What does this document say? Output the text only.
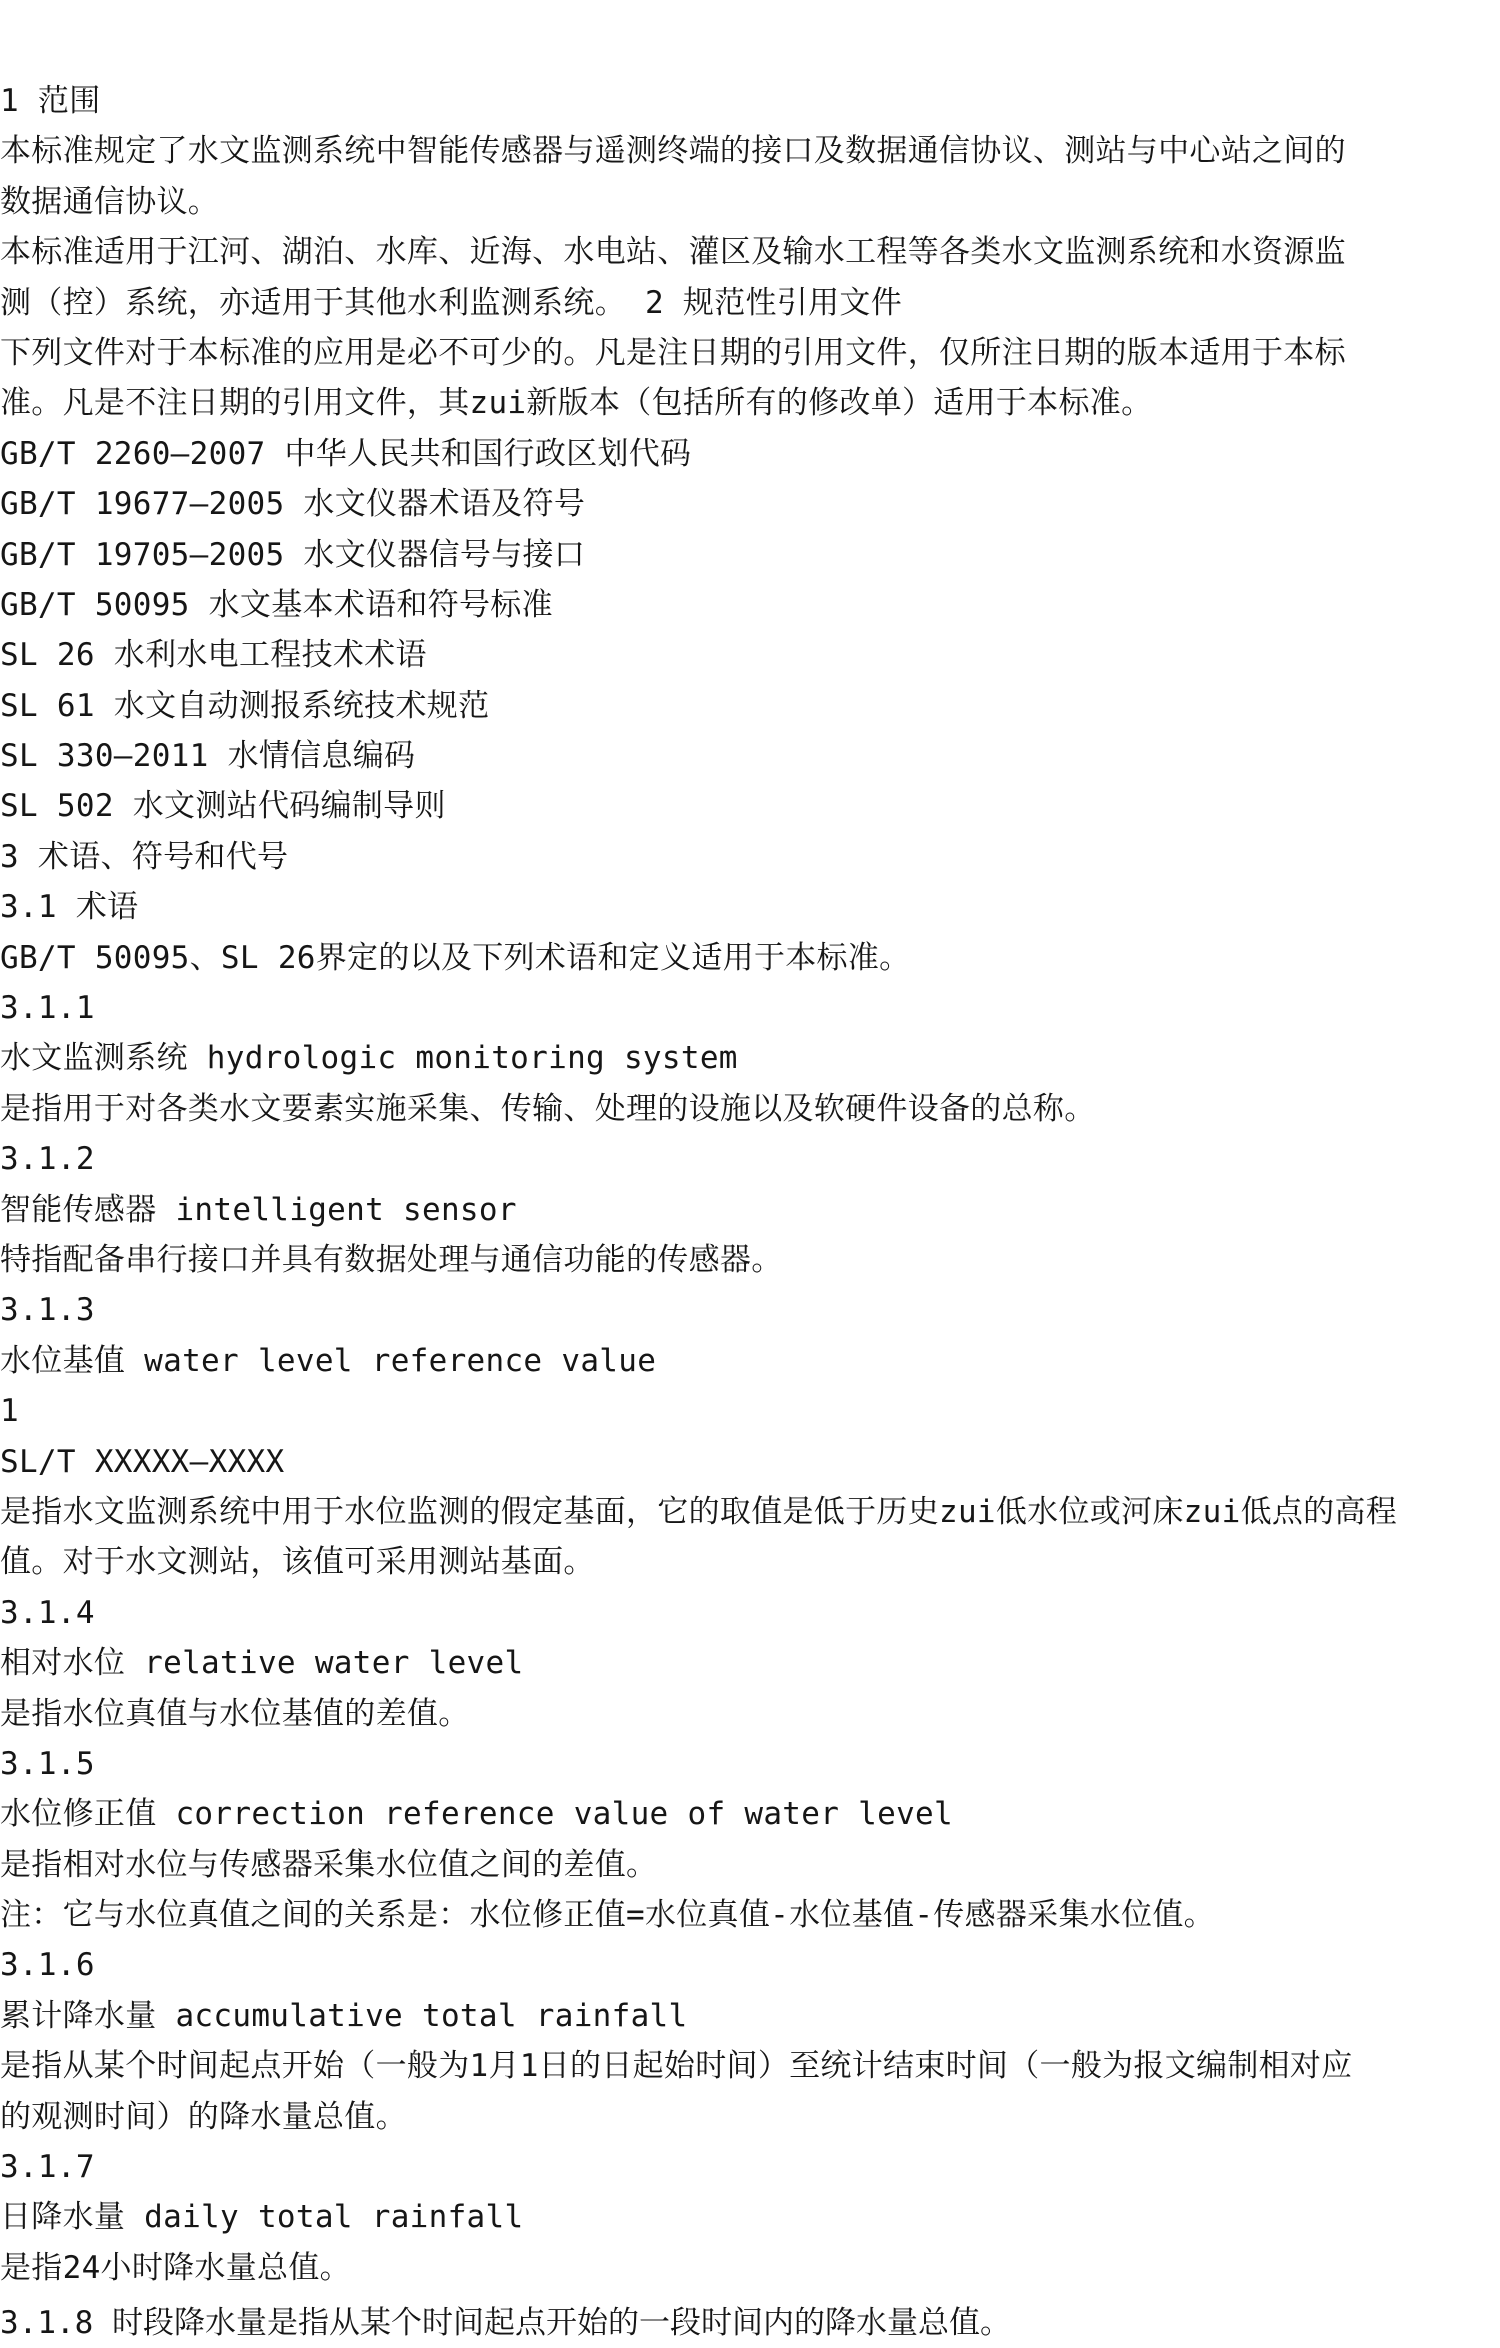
1 范围
本标准规定了水文监测系统中智能传感器与遥测终端的接口及数据通信协议、测站与中心站之间的
数据通信协议。
本标准适用于江河、湖泊、水库、近海、水电站、灌区及输水工程等各类水文监测系统和水资源监
测（控）系统，亦适用于其他水利监测系统。 2 规范性引用文件
下列文件对于本标准的应用是必不可少的。凡是注日期的引用文件，仅所注日期的版本适用于本标
准。凡是不注日期的引用文件，其zui新版本（包括所有的修改单）适用于本标准。
GB/T 2260—2007 中华人民共和国行政区划代码
GB/T 19677—2005 水文仪器术语及符号
GB/T 19705—2005 水文仪器信号与接口
GB/T 50095 水文基本术语和符号标准
SL 26 水利水电工程技术术语
SL 61 水文自动测报系统技术规范
SL 330—2011 水情信息编码
SL 502 水文测站代码编制导则
3 术语、符号和代号
3.1 术语
GB/T 50095、SL 26界定的以及下列术语和定义适用于本标准。
3.1.1
水文监测系统 hydrologic monitoring system
是指用于对各类水文要素实施采集、传输、处理的设施以及软硬件设备的总称。
3.1.2
智能传感器 intelligent sensor
特指配备串行接口并具有数据处理与通信功能的传感器。
3.1.3
水位基值 water level reference value
1
SL/T XXXXX—XXXX
是指水文监测系统中用于水位监测的假定基面，它的取值是低于历史zui低水位或河床zui低点的高程
值。对于水文测站，该值可采用测站基面。
3.1.4
相对水位 relative water level
是指水位真值与水位基值的差值。
3.1.5
水位修正值 correction reference value of water level
是指相对水位与传感器采集水位值之间的差值。
注：它与水位真值之间的关系是：水位修正值=水位真值-水位基值-传感器采集水位值。
3.1.6
累计降水量 accumulative total rainfall
是指从某个时间起点开始（一般为1月1日的日起始时间）至统计结束时间（一般为报文编制相对应
的观测时间）的降水量总值。
3.1.7
日降水量 daily total rainfall
是指24小时降水量总值。
3.1.8 时段降水量是指从某个时间起点开始的一段时间内的降水量总值。
